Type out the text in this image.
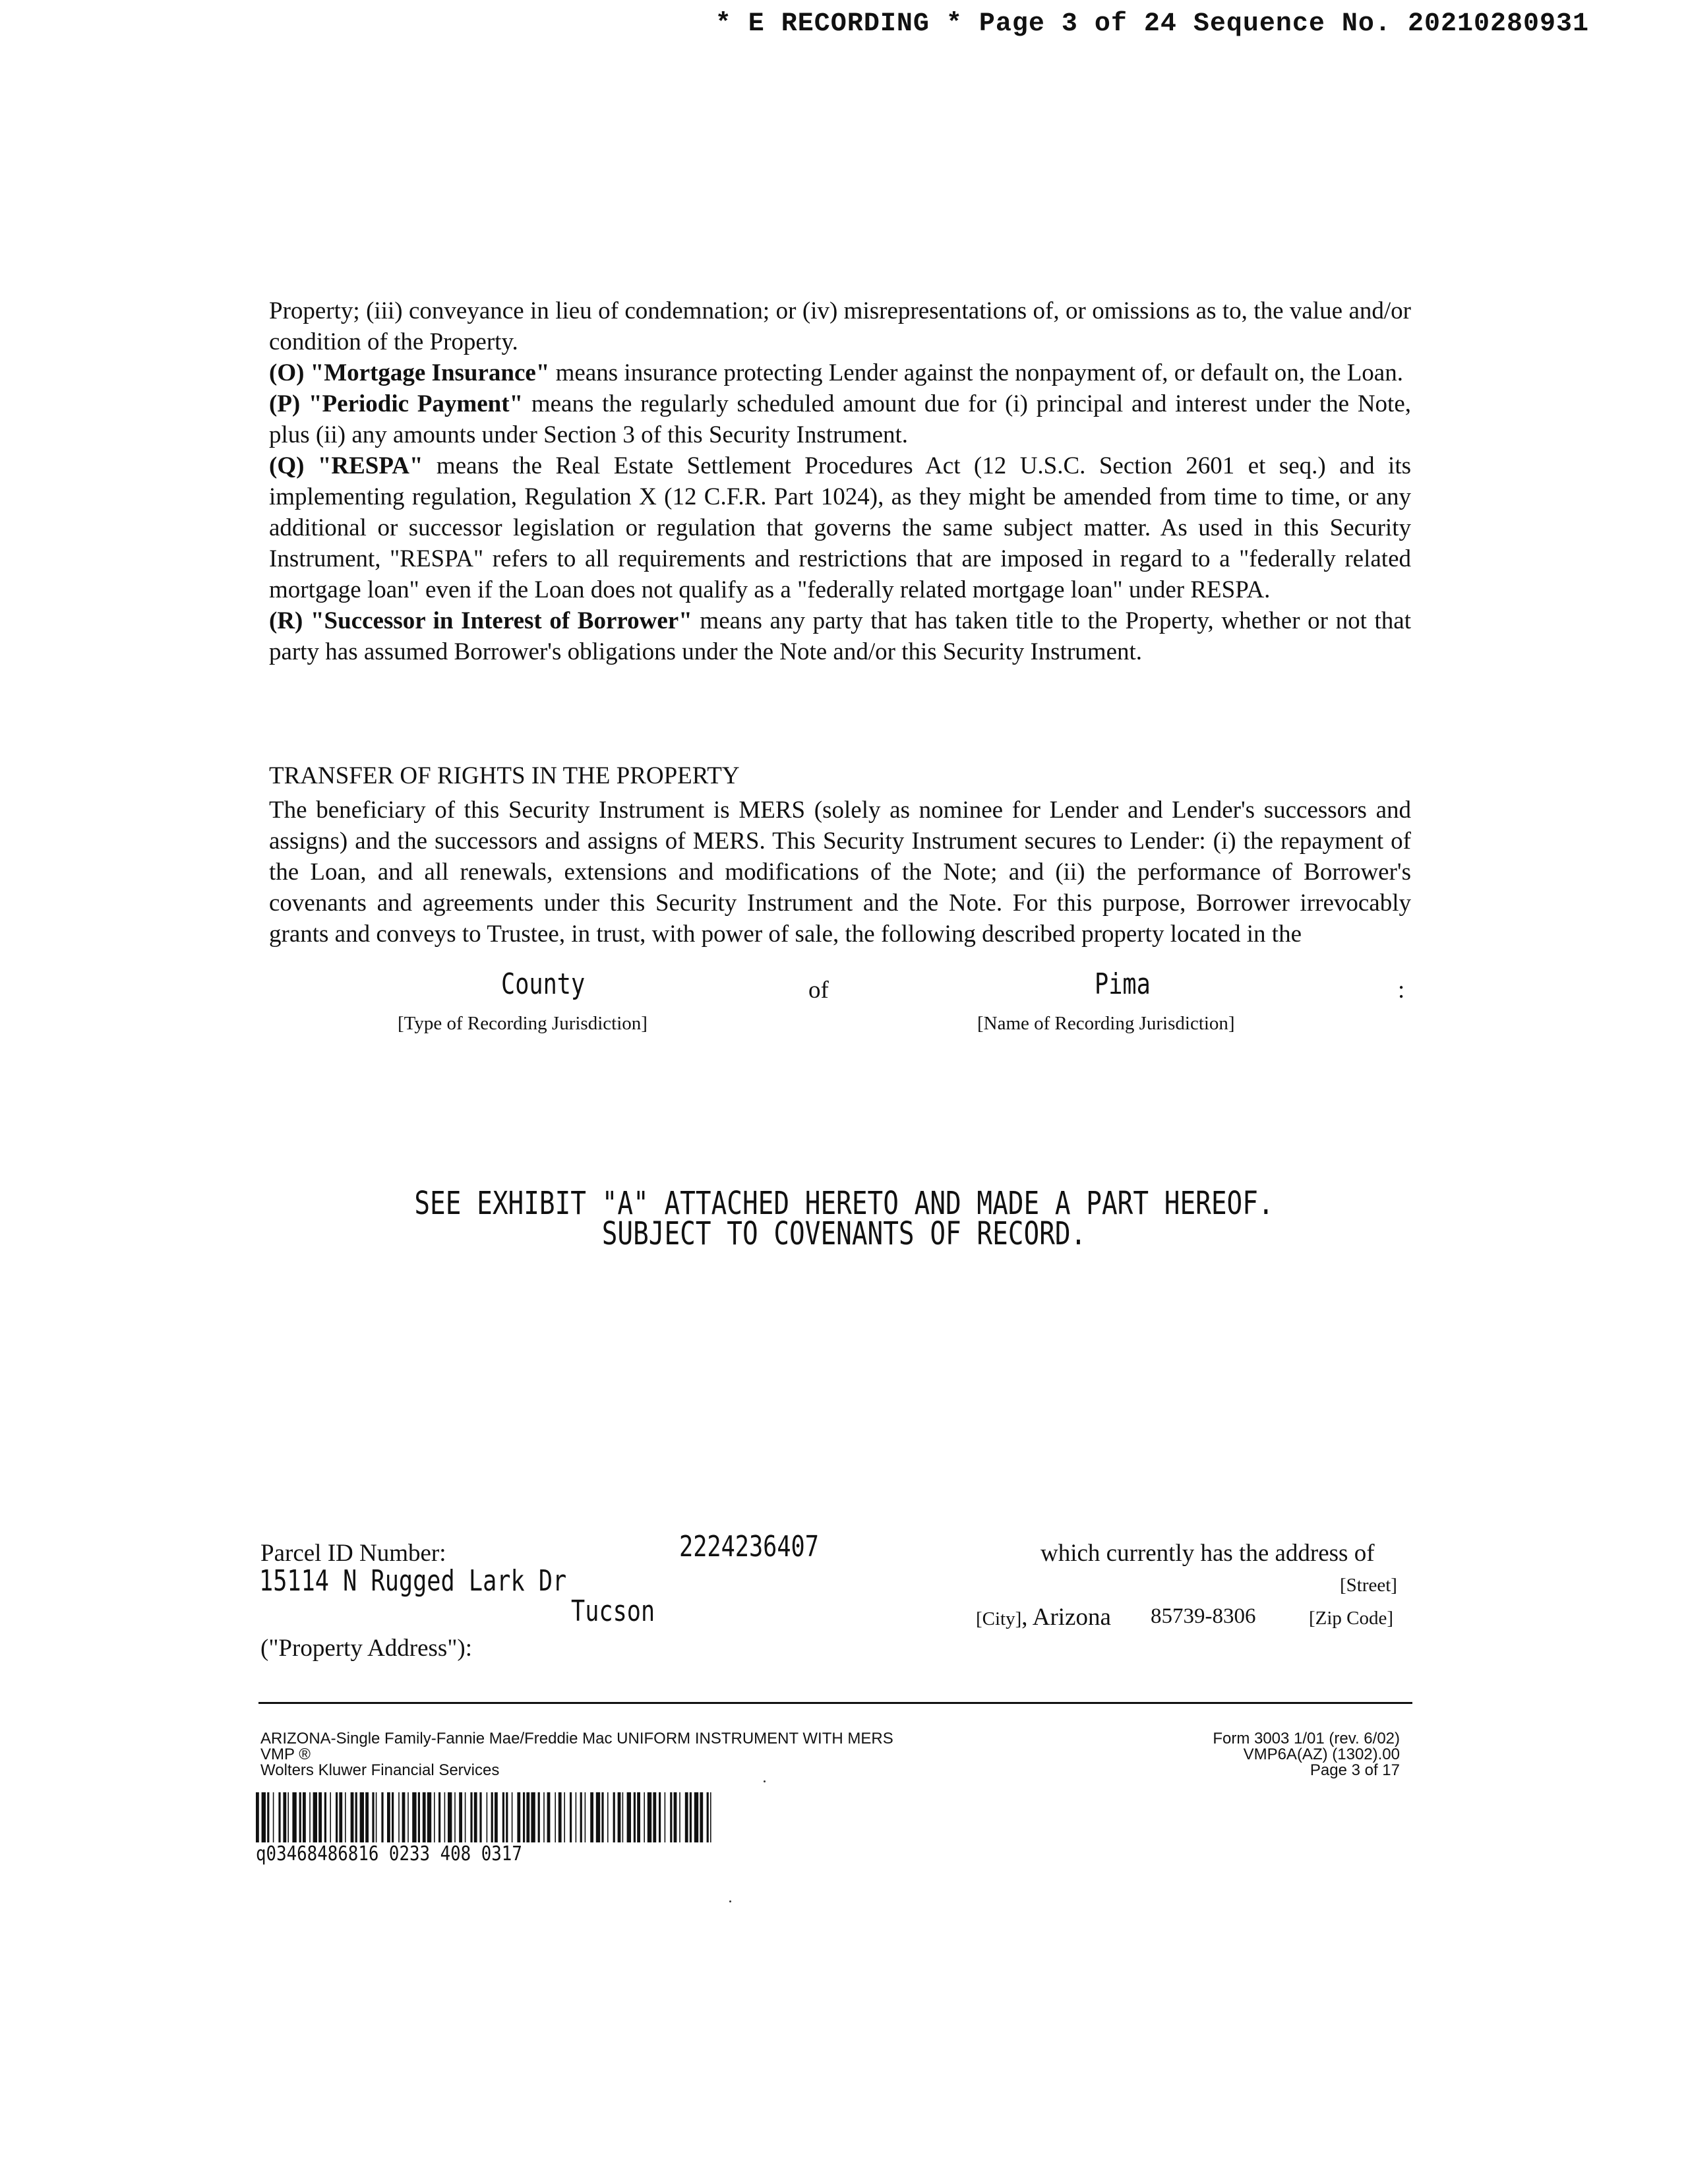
* E RECORDING * Page 3 of 24 Sequence No. 20210280931

Property; (iii) conveyance in lieu of condemnation; or (iv) misrepresentations of, or omissions as to, the value and/or condition of the Property.

(O) "Mortgage Insurance" means insurance protecting Lender against the nonpayment of, or default on, the Loan.

(P) "Periodic Payment" means the regularly scheduled amount due for (i) principal and interest under the Note, plus (ii) any amounts under Section 3 of this Security Instrument.

(Q) "RESPA" means the Real Estate Settlement Procedures Act (12 U.S.C. Section 2601 et seq.) and its implementing regulation, Regulation X (12 C.F.R. Part 1024), as they might be amended from time to time, or any additional or successor legislation or regulation that governs the same subject matter. As used in this Security Instrument, "RESPA" refers to all requirements and restrictions that are imposed in regard to a "federally related mortgage loan" even if the Loan does not qualify as a "federally related mortgage loan" under RESPA.

(R) "Successor in Interest of Borrower" means any party that has taken title to the Property, whether or not that party has assumed Borrower's obligations under the Note and/or this Security Instrument.

TRANSFER OF RIGHTS IN THE PROPERTY

The beneficiary of this Security Instrument is MERS (solely as nominee for Lender and Lender's successors and assigns) and the successors and assigns of MERS. This Security Instrument secures to Lender: (i) the repayment of the Loan, and all renewals, extensions and modifications of the Note; and (ii) the performance of Borrower's covenants and agreements under this Security Instrument and the Note. For this purpose, Borrower irrevocably grants and conveys to Trustee, in trust, with power of sale, the following described property located in the

County	of	Pima	:
[Type of Recording Jurisdiction]	[Name of Recording Jurisdiction]
SEE EXHIBIT "A" ATTACHED HERETO AND MADE A PART HEREOF.
SUBJECT TO COVENANTS OF RECORD.
Parcel ID Number:	2224236407	which currently has the address of
15114 N Rugged Lark Dr	[Street]
Tucson	[City], Arizona 85739-8306	[Zip Code]
("Property Address"):
ARIZONA-Single Family-Fannie Mae/Freddie Mac UNIFORM INSTRUMENT WITH MERS
VMP ®
Wolters Kluwer Financial Services
Form 3003 1/01 (rev. 6/02)
VMP6A(AZ) (1302).00
Page 3 of 17
q03468486816 0233 408 0317
